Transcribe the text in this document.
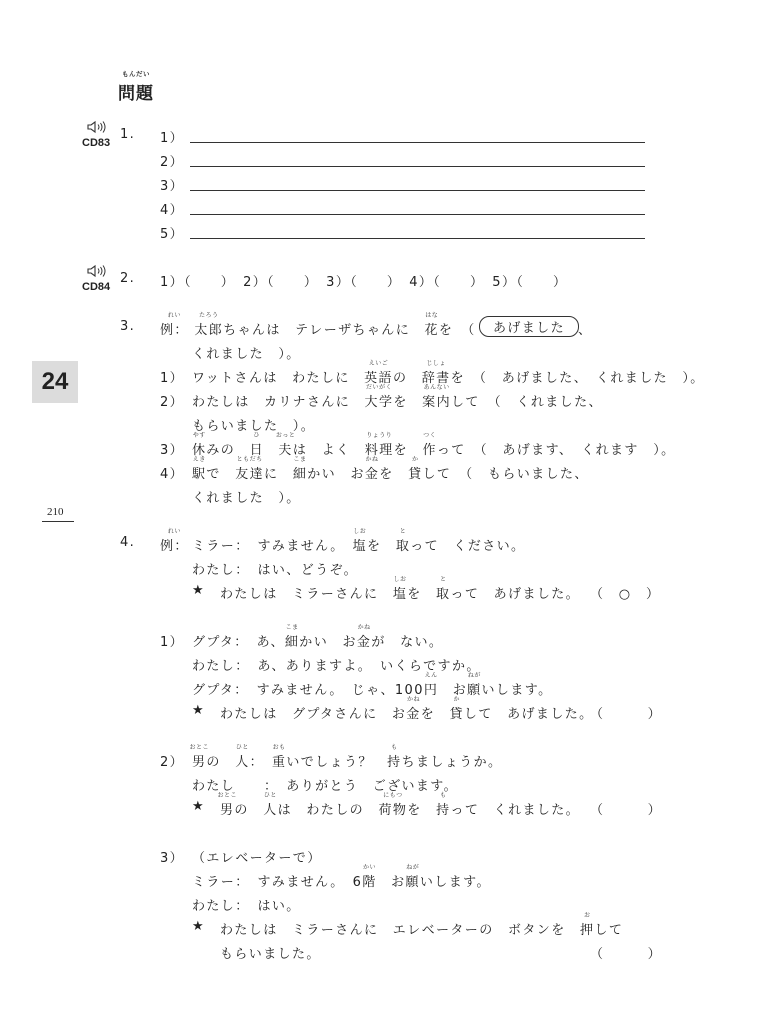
もんだい
問題
24
210
CD83
1. 1）
2）
3）
4）
5）
CD84
2. 1）（　　）　2）（　　）　3）（　　）　4）（　　）　5）（　　）
3.
れい
例：
たろう
太郎ちゃんは　テレーザちゃんに　
はな
花を　（	あげました	、
くれました　）。
1） ワットさんは　わたしに　
えいご
英語の　
じしょ
辞書を　（　あげました、　くれました　）。
2） わたしは　カリナさんに　
だいがく
大学を　
あんない
案内して　（　くれました、
もらいました　）。
3）
やす
休みの　
ひ
日　
おっと
夫は　よく　
りょうり
料理を　
つく
作って　（　あげます、　くれます　）。
4）
えき
駅で　
ともだち
友達に　
こま
細かい　お
かね
金を　
か
貸して　（　もらいました、
くれました　）。
4.
れい
例： ミラー：　 すみません。　
しお
塩を　
と
取って　ください。
わたし：　はい、どうぞ。
★ わたしは　ミラーさんに　
しお
塩を　
と
取って　あげました。 （　○　）
1） グプタ：　 あ、
こま
細かい　お
かね
金が　ない。
わたし：　あ、ありますよ。　いくらですか。
グプタ：　 すみません。　じゃ、100
えん
円　お
ねが
願いします。
★ わたしは　グプタさんに　お
かね
金を　
か
貸して　あげました。
（　　　）
2）
おとこ
男の　
ひと
人：　
おも
重いでしょう？　
も
持ちましょうか。
わたし　　：　ありがとう　ございます。
★
おとこ
男の　
ひと
人は　わたしの　
にもつ
荷物を　
も
持って　くれました。 （　　　）
3） （エレベーターで）
ミラー：　 すみません。　6
かい
階　お
ねが
願いします。
わたし：　はい。
★ わたしは　ミラーさんに　エレベーターの　ボタンを　
お
押して
もらいました。	（　　　）
